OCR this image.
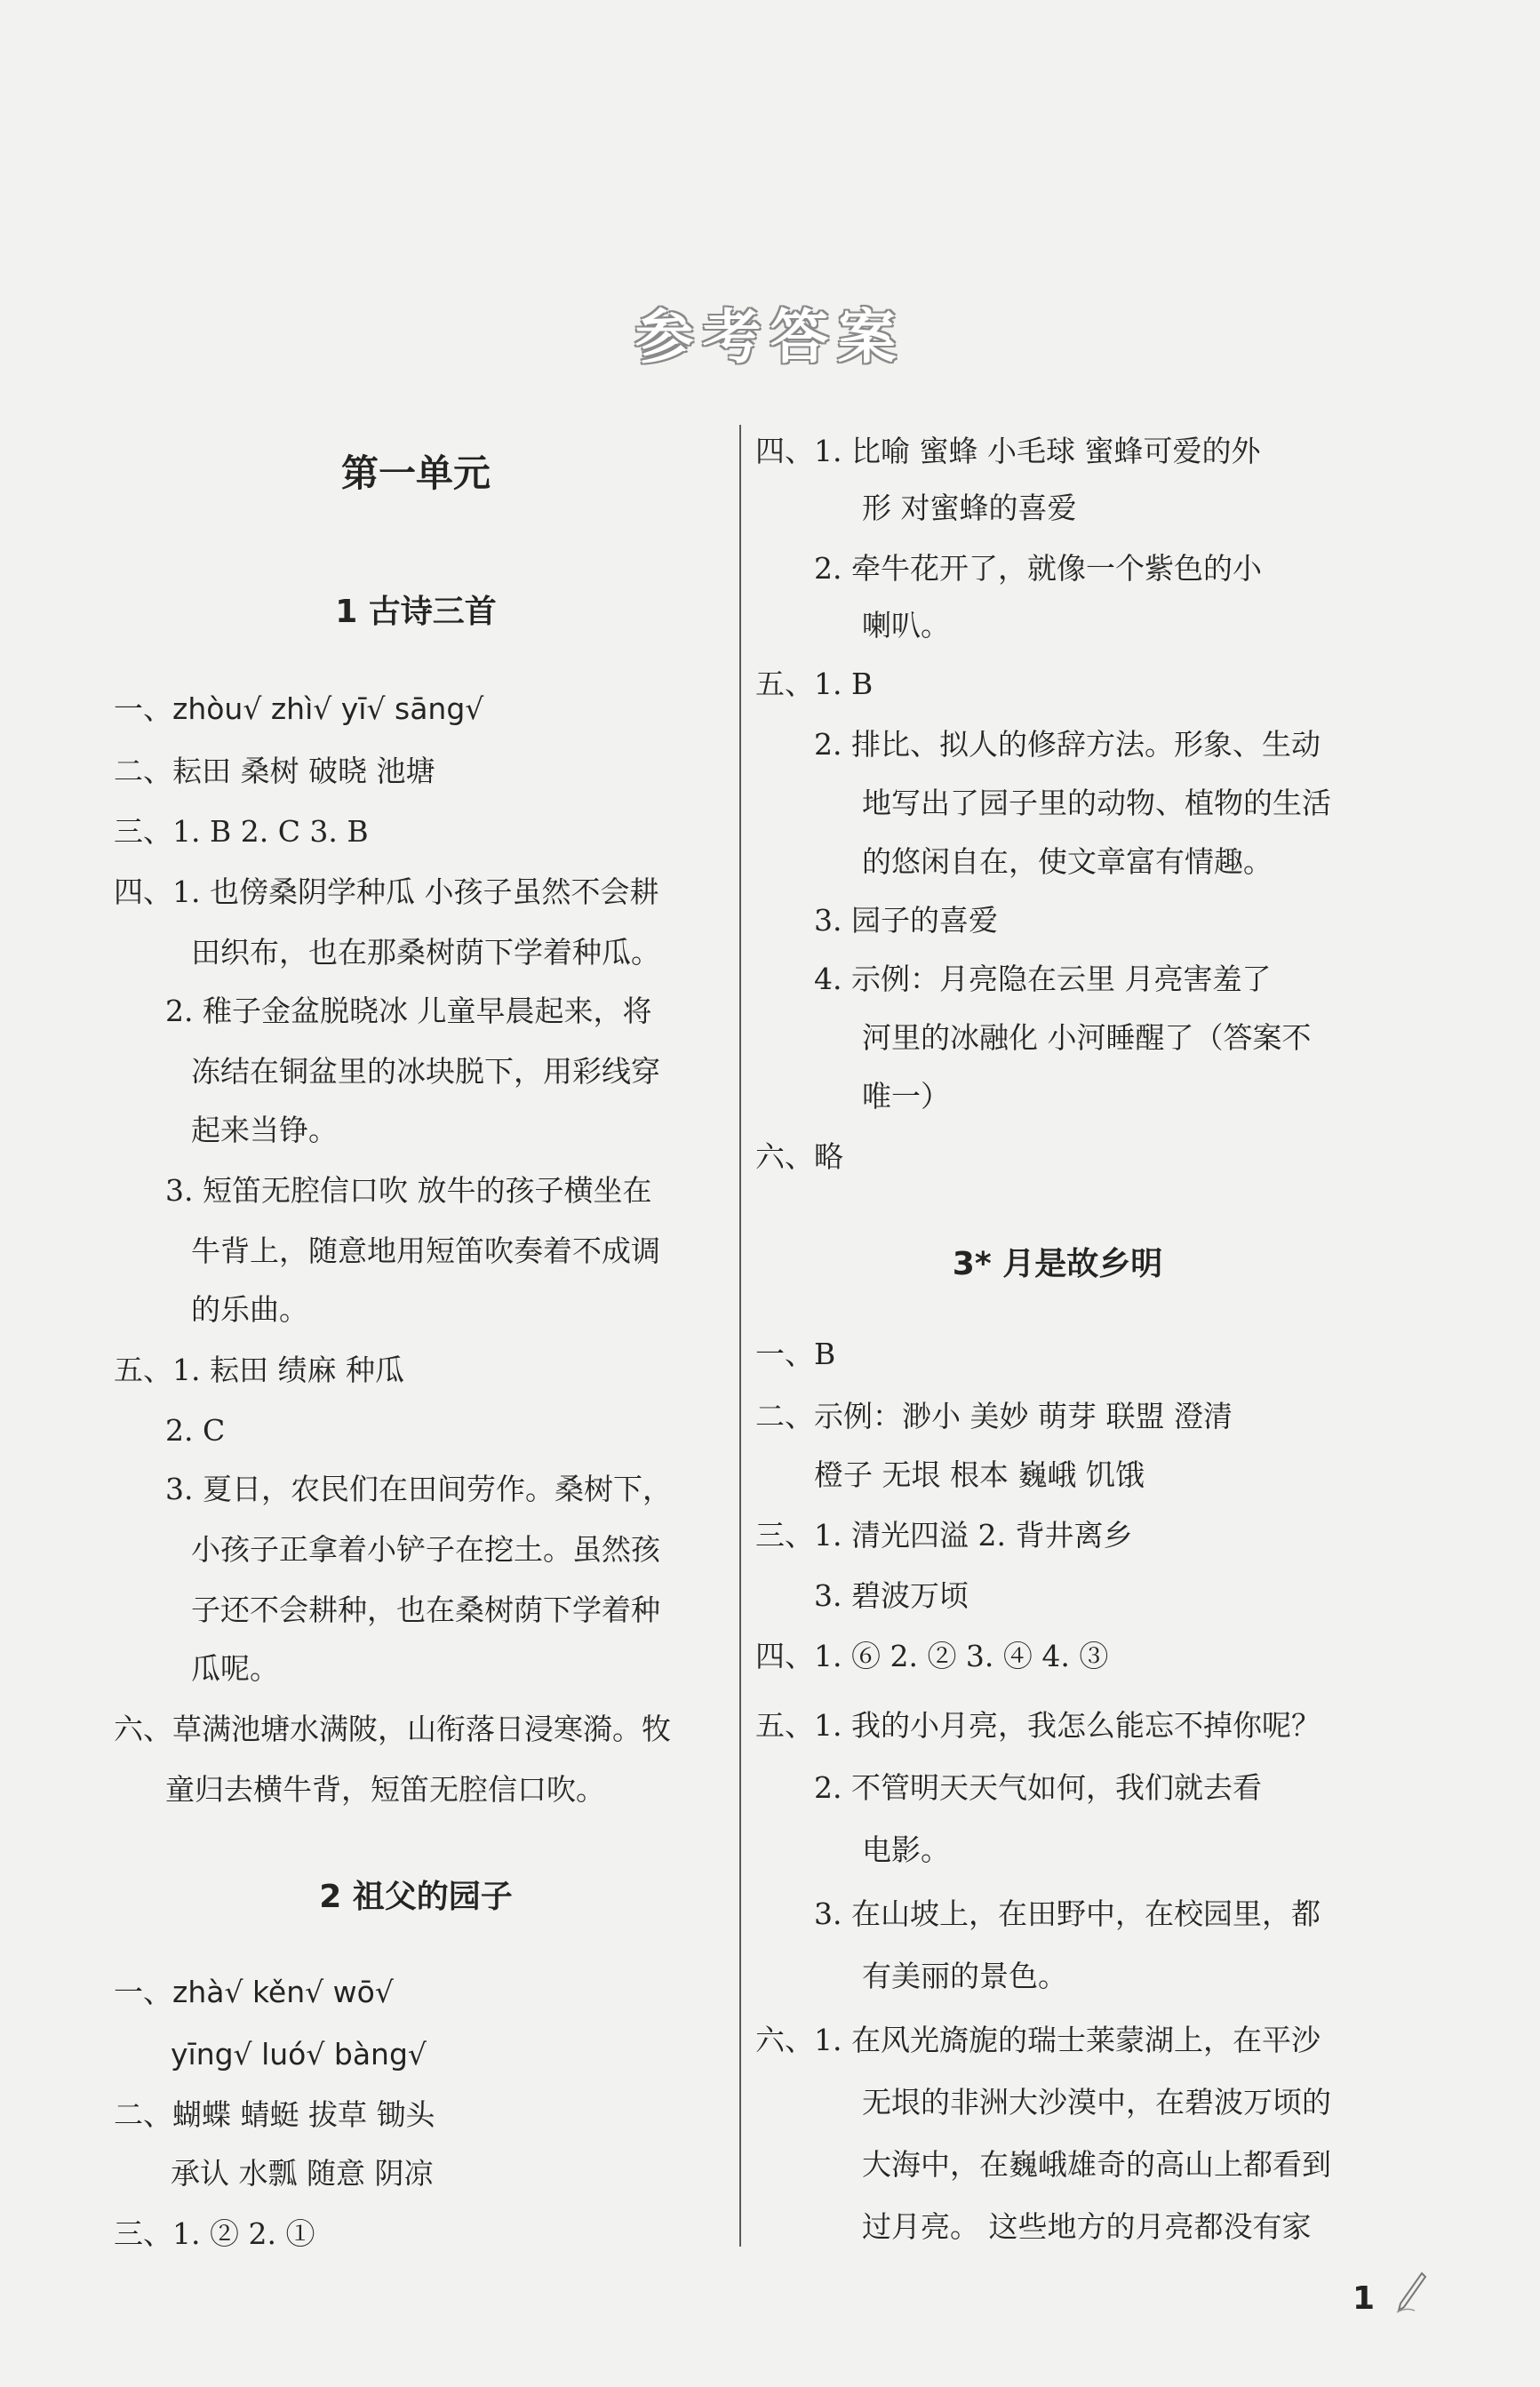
参考答案
第一单元
1 古诗三首
一、zhòu√ zhì√ yī√ sāng√
二、耘田 桑树 破晓 池塘
三、1. B 2. C 3. B
四、1. 也傍桑阴学种瓜 小孩子虽然不会耕
田织布，也在那桑树荫下学着种瓜。
2. 稚子金盆脱晓冰 儿童早晨起来，将
冻结在铜盆里的冰块脱下，用彩线穿
起来当铮。
3. 短笛无腔信口吹 放牛的孩子横坐在
牛背上，随意地用短笛吹奏着不成调
的乐曲。
五、1. 耘田 绩麻 种瓜
2. C
3. 夏日，农民们在田间劳作。桑树下，
小孩子正拿着小铲子在挖土。虽然孩
子还不会耕种，也在桑树荫下学着种
瓜呢。
六、草满池塘水满陂，山衔落日浸寒漪。牧
童归去横牛背，短笛无腔信口吹。
2 祖父的园子
一、zhà√ kěn√ wō√
yīng√ luó√ bàng√
二、蝴蝶 蜻蜓 拔草 锄头
承认 水瓢 随意 阴凉
三、1. ② 2. ①
四、1. 比喻 蜜蜂 小毛球 蜜蜂可爱的外
形 对蜜蜂的喜爱
2. 牵牛花开了，就像一个紫色的小
喇叭。
五、1. B
2. 排比、拟人的修辞方法。形象、生动
地写出了园子里的动物、植物的生活
的悠闲自在，使文章富有情趣。
3. 园子的喜爱
4. 示例：月亮隐在云里 月亮害羞了
河里的冰融化 小河睡醒了（答案不
唯一）
六、略
3* 月是故乡明
一、B
二、示例：渺小 美妙 萌芽 联盟 澄清
橙子 无垠 根本 巍峨 饥饿
三、1. 清光四溢 2. 背井离乡
3. 碧波万顷
四、1. ⑥ 2. ② 3. ④ 4. ③
五、1. 我的小月亮，我怎么能忘不掉你呢？
2. 不管明天天气如何，我们就去看
电影。
3. 在山坡上，在田野中，在校园里，都
有美丽的景色。
六、1. 在风光旖旎的瑞士莱蒙湖上，在平沙
无垠的非洲大沙漠中，在碧波万顷的
大海中，在巍峨雄奇的高山上都看到
过月亮。 这些地方的月亮都没有家
1
